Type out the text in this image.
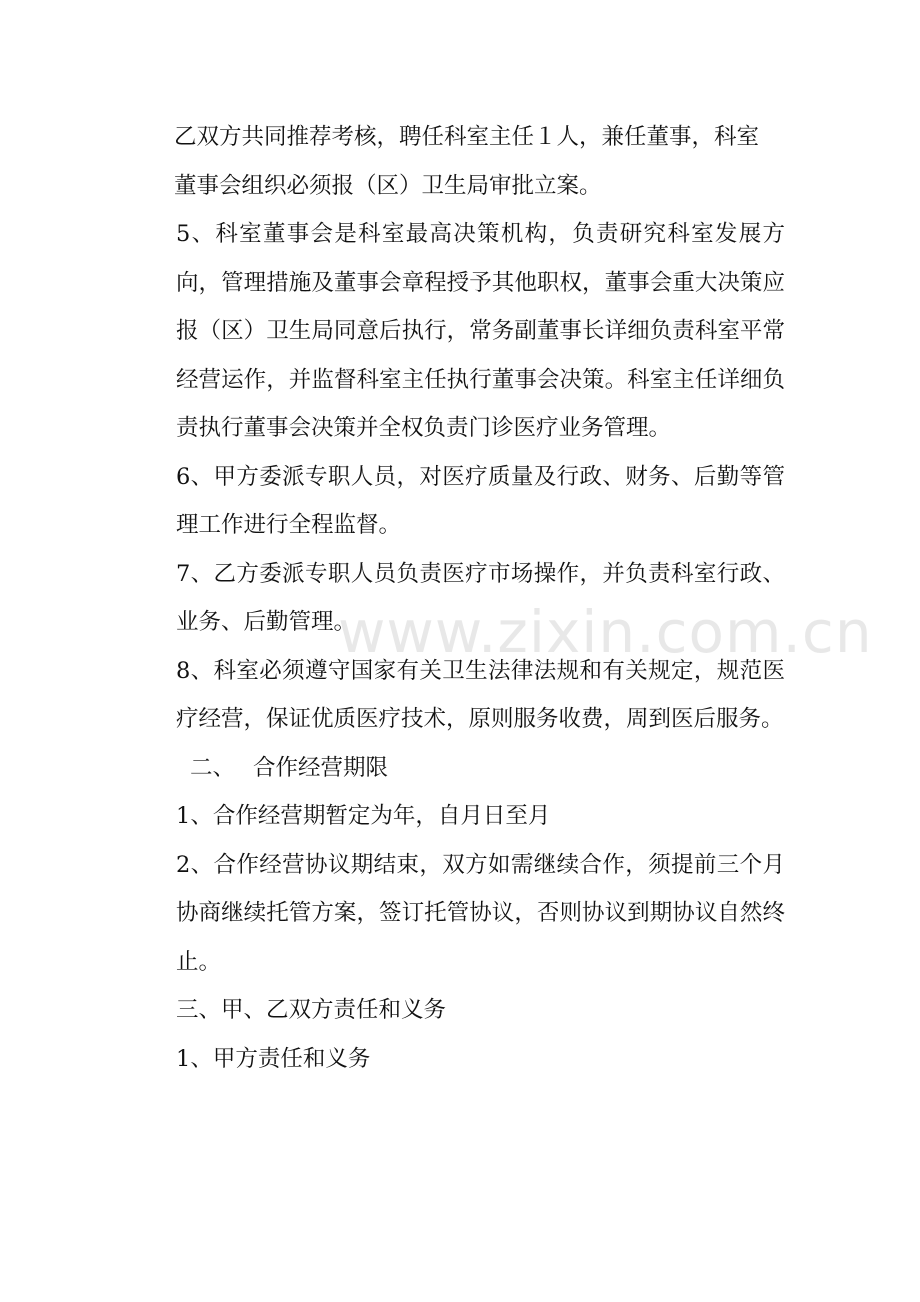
乙双方共同推荐考核，聘任科室主任１人，兼任董事，科室

董事会组织必须报（区）卫生局审批立案。

5、科室董事会是科室最高决策机构，负责研究科室发展方向，管理措施及董事会章程授予其他职权，董事会重大决策应报（区）卫生局同意后执行，常务副董事长详细负责科室平常经营运作，并监督科室主任执行董事会决策。科室主任详细负责执行董事会决策并全权负责门诊医疗业务管理。

6、甲方委派专职人员，对医疗质量及行政、财务、后勤等管理工作进行全程监督。

7、乙方委派专职人员负责医疗市场操作，并负责科室行政、业务、后勤管理。

8、科室必须遵守国家有关卫生法律法规和有关规定，规范医疗经营，保证优质医疗技术，原则服务收费，周到医后服务。

二、 合作经营期限

1、合作经营期暂定为年，自月日至月

2、合作经营协议期结束，双方如需继续合作，须提前三个月协商继续托管方案，签订托管协议，否则协议到期协议自然终止。

三、甲、乙双方责任和义务

1、甲方责任和义务

www.zixin.com.cn
